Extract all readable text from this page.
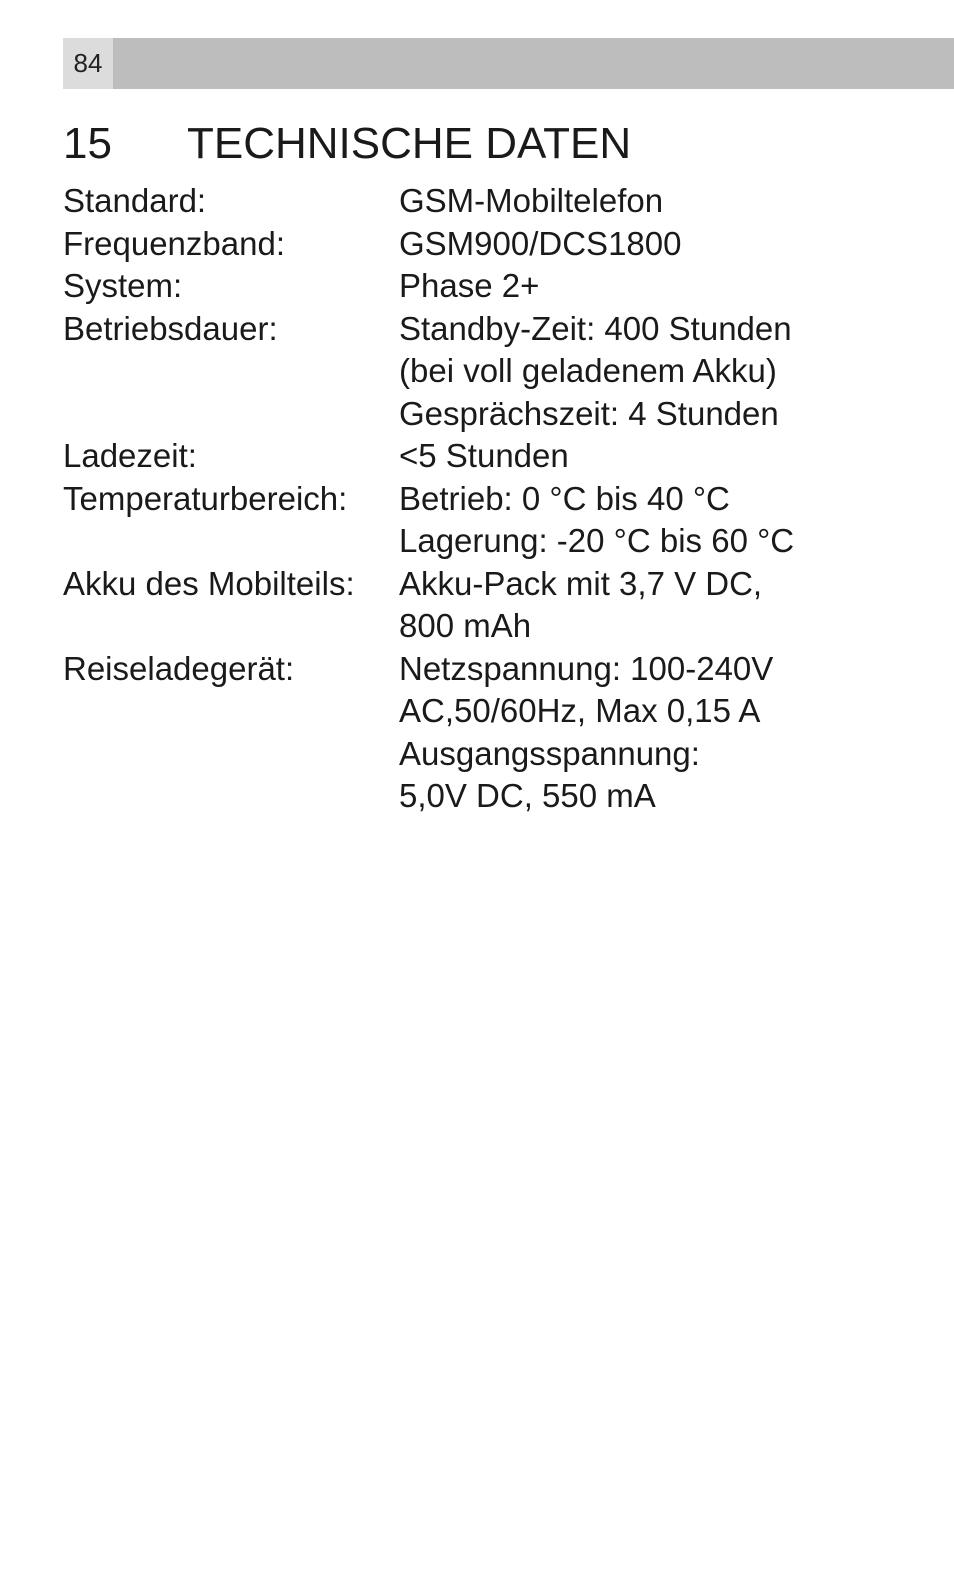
84
15 TECHNISCHE DATEN
Standard:	GSM-Mobiltelefon

Frequenzband:	GSM900/DCS1800

System:	Phase 2+

Betriebsdauer:	Standby-Zeit: 400 Stunden
(bei voll geladenem Akku)
Gesprächszeit: 4 Stunden

Ladezeit:	<5 Stunden

Temperaturbereich:	Betrieb: 0 °C bis 40 °C
Lagerung: -20 °C bis 60 °C

Akku des Mobilteils:	Akku-Pack mit 3,7 V DC,
800 mAh

Reiseladegerät:	Netzspannung: 100-240V
AC,50/60Hz, Max 0,15 A
Ausgangsspannung:
5,0V DC, 550 mA
